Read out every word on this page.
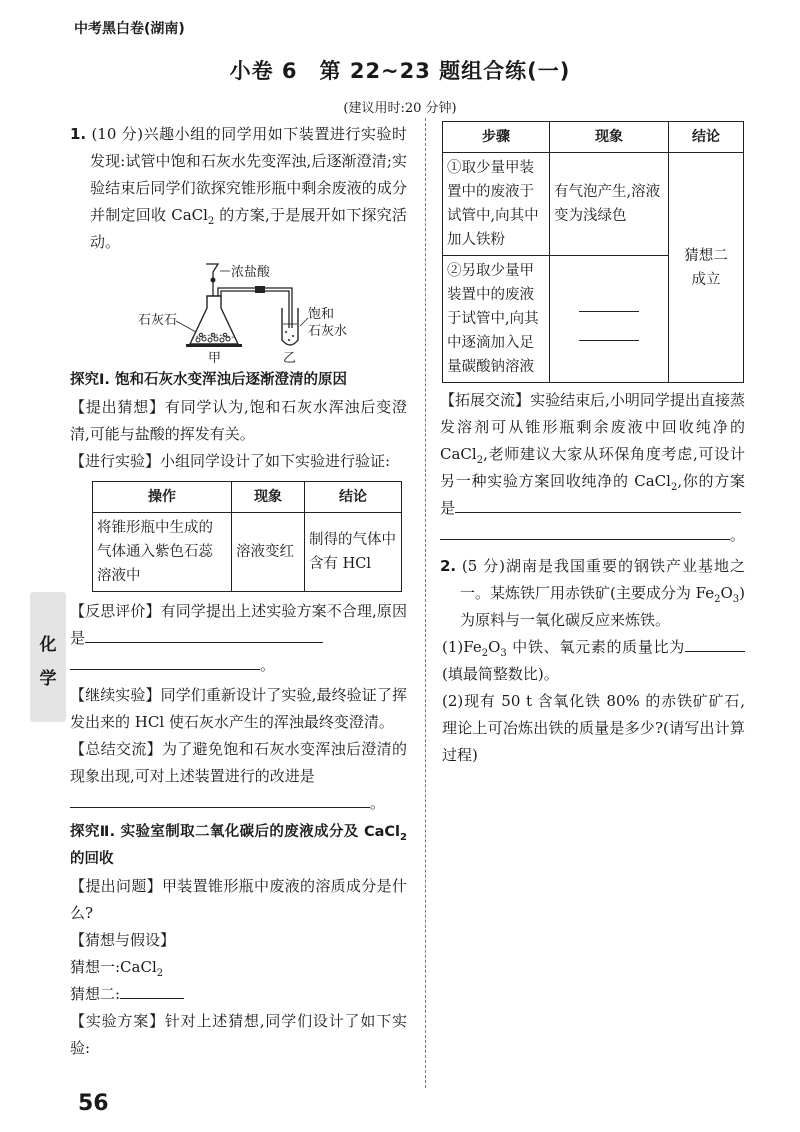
中考黑白卷(湖南)
小卷 6　第 22~23 题组合练(一)
(建议用时:20 分钟)

1. (10 分)兴趣小组的同学用如下装置进行实验时发现:试管中饱和石灰水先变浑浊,后逐渐澄清;实验结束后同学们欲探究锥形瓶中剩余废液的成分并制定回收 CaCl$_2$ 的方案,于是展开如下探究活动。

浓盐酸
石灰石	饱和
石灰水
甲	乙

探究Ⅰ. 饱和石灰水变浑浊后逐渐澄清的原因

【提出猜想】有同学认为,饱和石灰水浑浊后变澄清,可能与盐酸的挥发有关。

【进行实验】小组同学设计了如下实验进行验证:

操作	现象	结论
将锥形瓶中生成的气体通入紫色石蕊溶液中	溶液变红	制得的气体中含有 HCl

【反思评价】有同学提出上述实验方案不合理,原因是

。

【继续实验】同学们重新设计了实验,最终验证了挥发出来的 HCl 使石灰水产生的浑浊最终变澄清。

【总结交流】为了避免饱和石灰水变浑浊后澄清的现象出现,可对上述装置进行的改进是

。

探究Ⅱ. 实验室制取二氧化碳后的废液成分及 CaCl$_2$ 的回收

【提出问题】甲装置锥形瓶中废液的溶质成分是什么?

【猜想与假设】

猜想一:CaCl$_2$

猜想二:

【实验方案】针对上述猜想,同学们设计了如下实验:

步骤	现象	结论
①取少量甲装置中的废液于试管中,向其中加人铁粉	有气泡产生,溶液变为浅绿色	猜想二成立
②另取少量甲装置中的废液于试管中,向其中逐滴加入足量碳酸钠溶液		

【拓展交流】实验结束后,小明同学提出直接蒸发溶剂可从锥形瓶剩余废液中回收纯净的 CaCl$_2$,老师建议大家从环保角度考虑,可设计另一种实验方案回收纯净的 CaCl$_2$,你的方案是

。

2. (5 分)湖南是我国重要的钢铁产业基地之一。某炼铁厂用赤铁矿(主要成分为 $Fe_2O_3$)为原料与一氧化碳反应来炼铁。

$(1)Fe_2O_3$ 中铁、氧元素的质量比为(填最简整数比)。

(2)现有 50 t 含氧化铁 80% 的赤铁矿矿石,理论上可冶炼出铁的质量是多少?(请写出计算过程)

化
学
56
